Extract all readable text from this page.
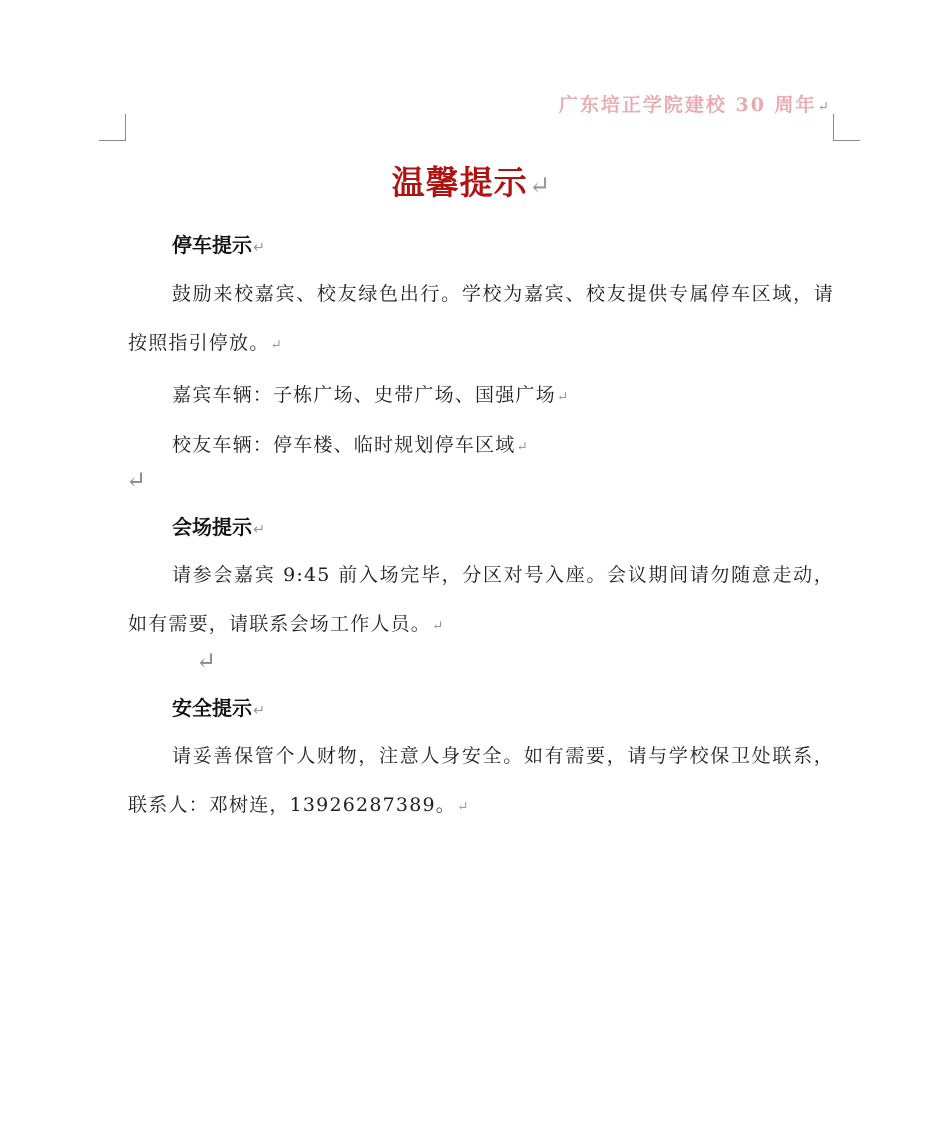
广东培正学院建校 30 周年↵
温馨提示↵
停车提示↵
鼓励来校嘉宾、校友绿色出行。学校为嘉宾、校友提供专属停车区域，请按照指引停放。↵
嘉宾车辆：子栋广场、史带广场、国强广场↵
校友车辆：停车楼、临时规划停车区域↵
↵
会场提示↵
请参会嘉宾 9:45 前入场完毕，分区对号入座。会议期间请勿随意走动，如有需要，请联系会场工作人员。↵
↵
安全提示↵
请妥善保管个人财物，注意人身安全。如有需要，请与学校保卫处联系，联系人：邓树连，13926287389。↵
